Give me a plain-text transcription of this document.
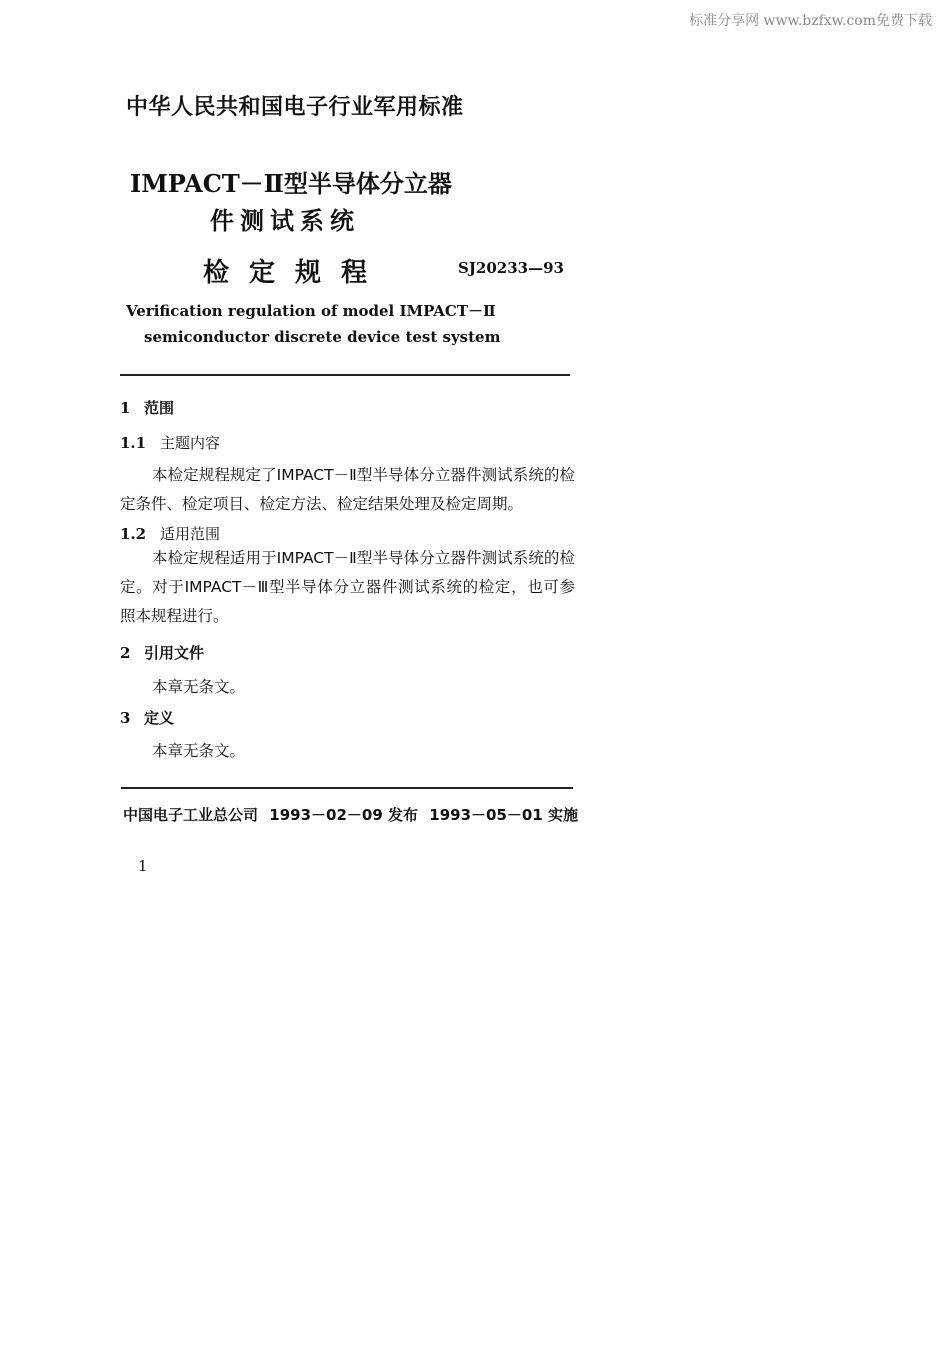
标准分享网 www.bzfxw.com免费下载
中华人民共和国电子行业军用标准
IMPACT－Ⅱ型半导体分立器
件测试系统
检定规程	SJ20233—93
Verification regulation of model IMPACT－Ⅱ
semiconductor discrete device test system
1 范围
1.1 主题内容
本检定规程规定了IMPACT－Ⅱ型半导体分立器件测试系统的检定条件、检定项目、检定方法、检定结果处理及检定周期。
1.2 适用范围
本检定规程适用于IMPACT－Ⅱ型半导体分立器件测试系统的检定。对于IMPACT－Ⅲ型半导体分立器件测试系统的检定，也可参照本规程进行。
2 引用文件
本章无条文。
3 定义
本章无条文。
中国电子工业总公司 1993－02－09 发布 1993－05－01 实施
1
